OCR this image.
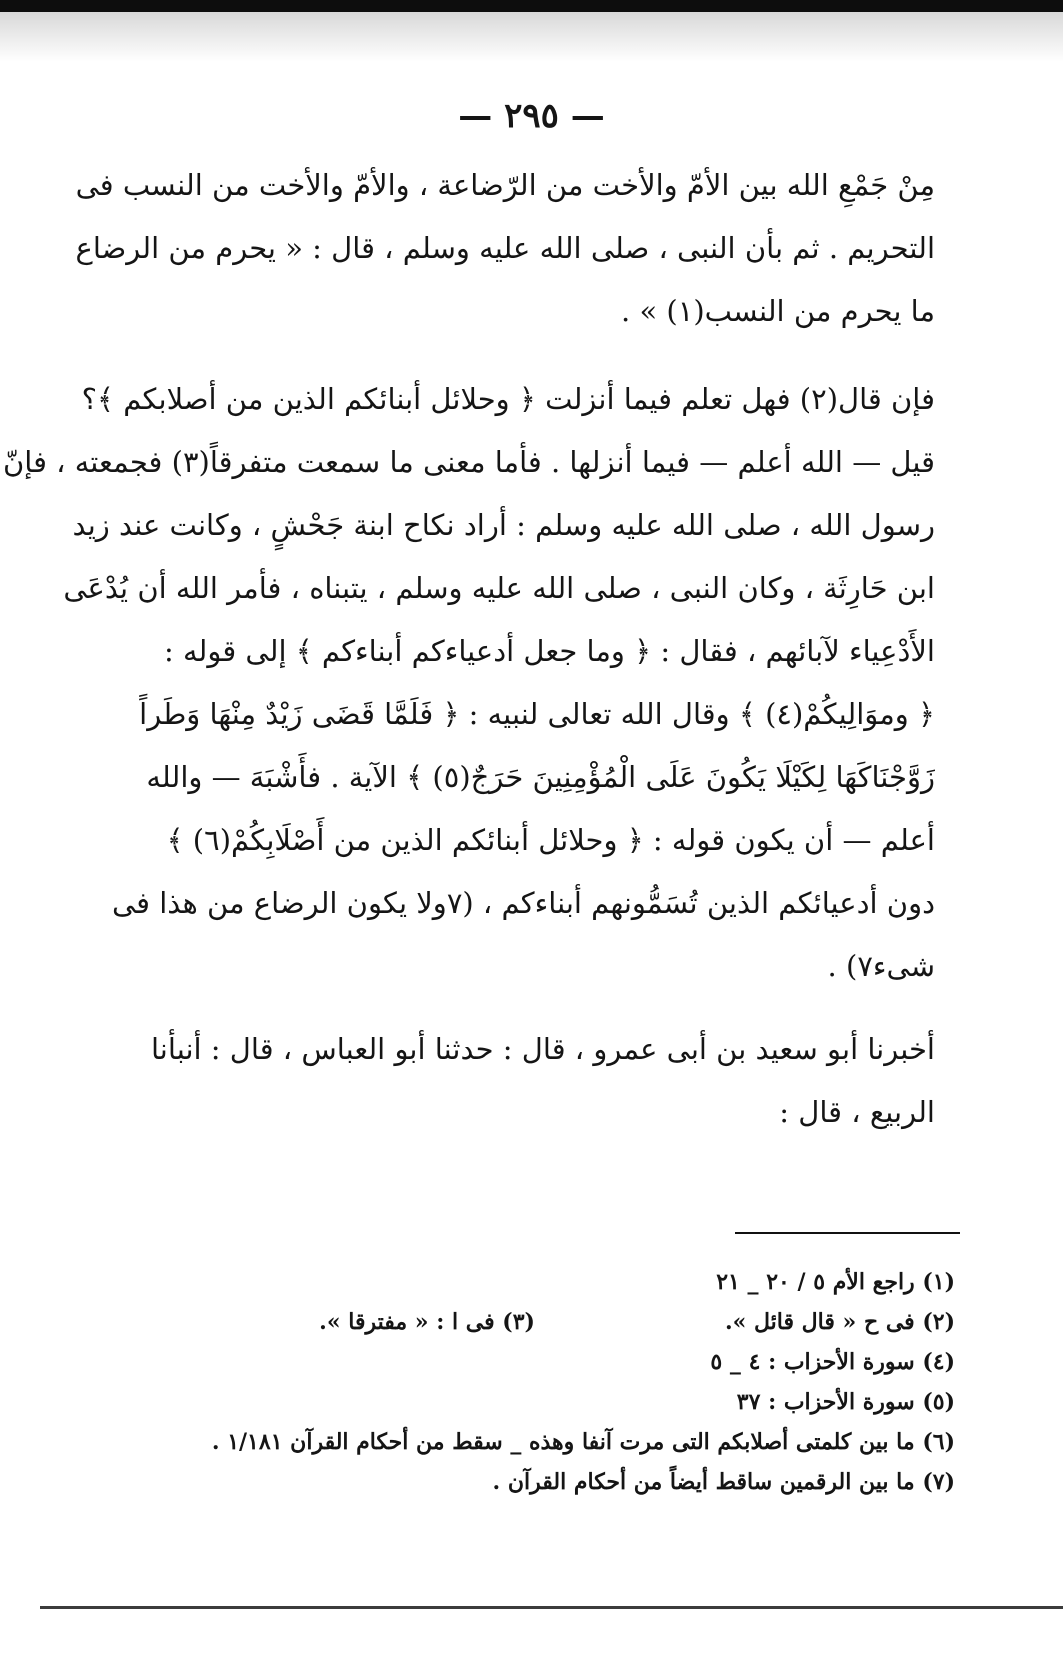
— ٢٩٥ —
مِنْ جَمْعِ الله بين الأمّ والأخت من الرّضاعة ، والأمّ والأخت من النسب فى
التحريم . ثم بأن النبى ، صلى الله عليه وسلم ، قال : « يحرم من الرضاع
ما يحرم من النسب(١) » .
فإن قال(٢) فهل تعلم فيما أنزلت ﴿ وحلائل أبنائكم الذين من أصلابكم ﴾؟
قيل — الله أعلم — فيما أنزلها . فأما معنى ما سمعت متفرقاً(٣) فجمعته ، فإنّ
رسول الله ، صلى الله عليه وسلم : أراد نكاح ابنة جَحْشٍ ، وكانت عند زيد
ابن حَارِثَة ، وكان النبى ، صلى الله عليه وسلم ، يتبناه ، فأمر الله أن يُدْعَى
الأَدْعِياء لآبائهم ، فقال : ﴿ وما جعل أدعياءكم أبناءكم ﴾ إلى قوله :
﴿ وموَالِيكُمْ(٤) ﴾ وقال الله تعالى لنبيه : ﴿ فَلَمَّا قَضَى زَيْدٌ مِنْهَا وَطَراً
زَوَّجْنَاكَهَا لِكَيْلَا يَكُونَ عَلَى الْمُؤْمِنِينَ حَرَجٌ(٥) ﴾ الآية . فأَشْبَهَ — والله
أعلم — أن يكون قوله : ﴿ وحلائل أبنائكم الذين من أَصْلَابِكُمْ(٦) ﴾
دون أدعيائكم الذين تُسَمُّونهم أبناءكم ، (٧ولا يكون الرضاع من هذا فى
شىء٧) .
أخبرنا أبو سعيد بن أبى عمرو ، قال : حدثنا أبو العباس ، قال : أنبأنا
الربيع ، قال :
(١) راجع الأم ٥ / ٢٠ _ ٢١
(٢) فى ح « قال قائل ».
(٣) فى ا : « مفترقا ».
(٤) سورة الأحزاب : ٤ _ ٥
(٥) سورة الأحزاب : ٣٧
(٦) ما بين كلمتى أصلابكم التى مرت آنفا وهذه _ سقط من أحكام القرآن ١/١٨١ .
(٧) ما بين الرقمين ساقط أيضاً من أحكام القرآن .
